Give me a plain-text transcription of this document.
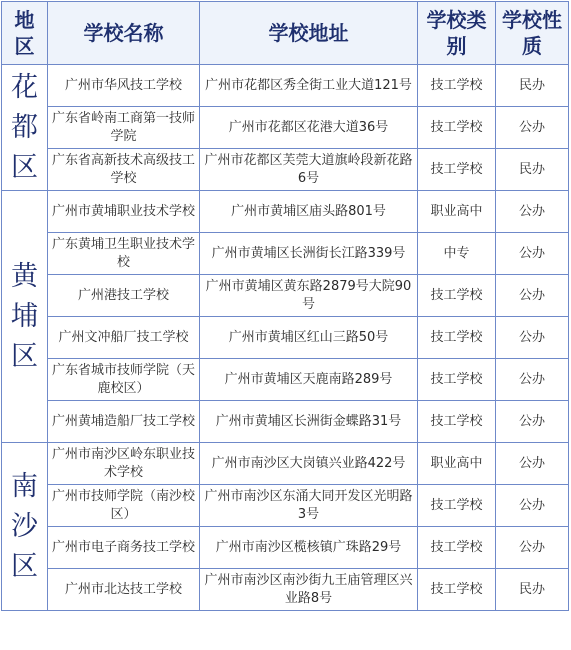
地区	学校名称	学校地址	学校类别	学校性质

花
都
区	广州市华风技工学校	广州市花都区秀全街工业大道121号	技工学校	民办
	广东省岭南工商第一技师学院	广州市花都区花港大道36号	技工学校	公办
	广东省高新技术高级技工学校	广州市花都区芙莞大道旗岭段新花路6号	技工学校	民办

黄
埔
区	广州市黄埔职业技术学校	广州市黄埔区庙头路801号	职业高中	公办
	广东黄埔卫生职业技术学校	广州市黄埔区长洲街长江路339号	中专	公办
	广州港技工学校	广州市黄埔区黄东路2879号大院90号	技工学校	公办
	广州文冲船厂技工学校	广州市黄埔区红山三路50号	技工学校	公办
	广东省城市技师学院（天鹿校区）	广州市黄埔区天鹿南路289号	技工学校	公办
	广州黄埔造船厂技工学校	广州市黄埔区长洲街金蝶路31号	技工学校	公办

南
沙
区	广州市南沙区岭东职业技术学校	广州市南沙区大岗镇兴业路422号	职业高中	公办
	广州市技师学院（南沙校区）	广州市南沙区东涌大同开发区光明路3号	技工学校	公办
	广州市电子商务技工学校	广州市南沙区榄核镇广珠路29号	技工学校	公办
	广州市北达技工学校	广州市南沙区南沙街九王庙管理区兴业路8号	技工学校	民办
